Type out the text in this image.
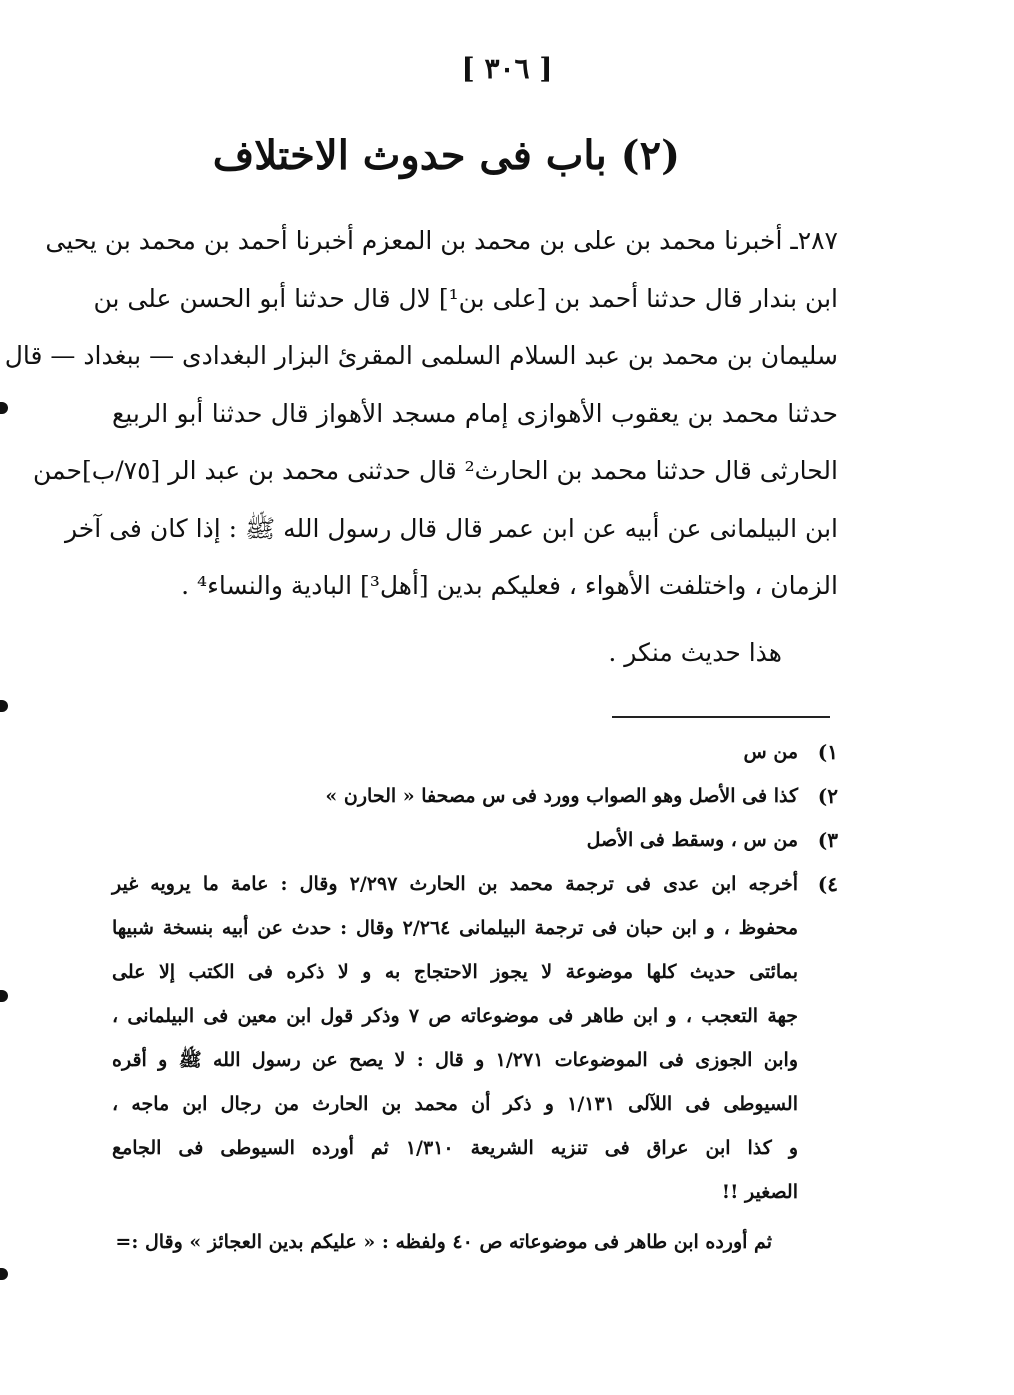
[ ٣٠٦ ]
(٢) باب فى حدوث الاختلاف
٢٨٧ـ أخبرنا محمد بن على بن محمد بن المعزم أخبرنا أحمد بن محمد بن يحيى
ابن بندار قال حدثنا أحمد بن [على بن¹] لال قال حدثنا أبو الحسن على بن
سليمان بن محمد بن عبد السلام السلمى المقرئ البزار البغدادى — ببغداد — قال
حدثنا محمد بن يعقوب الأهوازى إمام مسجد الأهواز قال حدثنا أبو الربيع
الحارثى قال حدثنا محمد بن الحارث² قال حدثنى محمد بن عبد الر [٧٥/ب]حمن
ابن البيلمانى عن أبيه عن ابن عمر قال قال رسول الله ﷺ : إذا كان فى آخر
الزمان ، واختلفت الأهواء ، فعليكم بدين [أهل³] البادية والنساء⁴ .
هذا حديث منكر .
١)
من س
٢)
كذا فى الأصل وهو الصواب وورد فى س مصحفا « الحارن »
٣)
من س ، وسقط فى الأصل
٤)
أخرجه ابن عدى فى ترجمة محمد بن الحارث ٢/٢٩٧ وقال : عامة ما يرويه غير
محفوظ ، و ابن حبان فى ترجمة البيلمانى ٢/٢٦٤ وقال : حدث عن أبيه بنسخة شبيها
بمائتى حديث كلها موضوعة لا يجوز الاحتجاج به و لا ذكره فى الكتب إلا على
جهة التعجب ، و ابن طاهر فى موضوعاته ص ٧ وذكر قول ابن معين فى البيلمانى ،
وابن الجوزى فى الموضوعات ١/٢٧١ و قال : لا يصح عن رسول الله ﷺ و أقره
السيوطى فى اللآلى ١/١٣١ و ذكر أن محمد بن الحارث من رجال ابن ماجه ،
و كذا ابن عراق فى تنزيه الشريعة ١/٣١٠ ثم أورده السيوطى فى الجامع
الصغير !!
ثم أورده ابن طاهر فى موضوعاته ص ٤٠ ولفظه : « عليكم بدين العجائز » وقال :=
